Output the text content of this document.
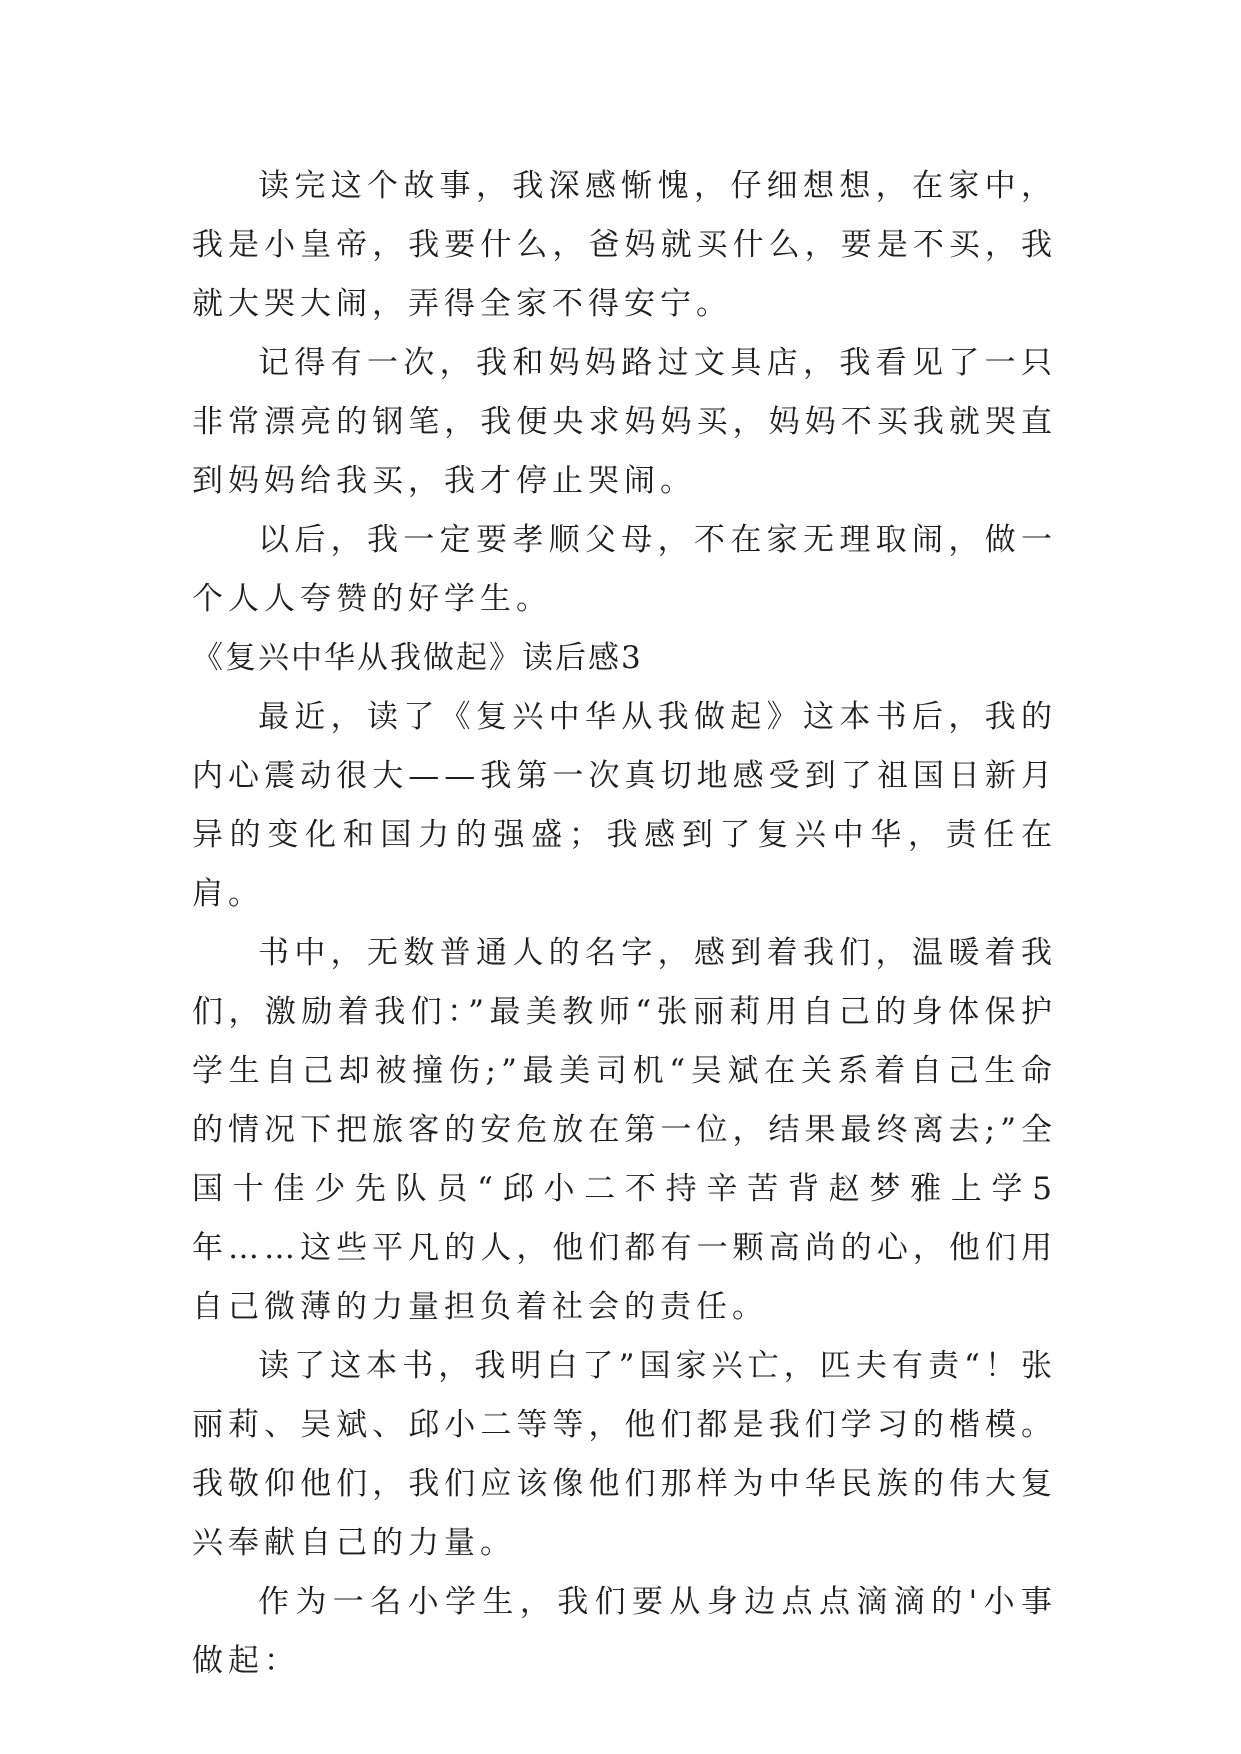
读完这个故事，我深感惭愧，仔细想想，在家中，我是小皇帝，我要什么，爸妈就买什么，要是不买，我就大哭大闹，弄得全家不得安宁。

记得有一次，我和妈妈路过文具店，我看见了一只非常漂亮的钢笔，我便央求妈妈买，妈妈不买我就哭直到妈妈给我买，我才停止哭闹。

以后，我一定要孝顺父母，不在家无理取闹，做一个人人夸赞的好学生。

《复兴中华从我做起》读后感3

最近，读了《复兴中华从我做起》这本书后，我的内心震动很大——我第一次真切地感受到了祖国日新月异的变化和国力的强盛；我感到了复兴中华，责任在肩。

书中，无数普通人的名字，感到着我们，温暖着我们，激励着我们：”最美教师“张丽莉用自己的身体保护学生自己却被撞伤;”最美司机“吴斌在关系着自己生命的情况下把旅客的安危放在第一位，结果最终离去;”全国十佳少先队员“邱小二不持辛苦背赵梦雅上学5年……这些平凡的人，他们都有一颗高尚的心，他们用自己微薄的力量担负着社会的责任。

读了这本书，我明白了”国家兴亡，匹夫有责“！张丽莉、吴斌、邱小二等等，他们都是我们学习的楷模。我敬仰他们，我们应该像他们那样为中华民族的伟大复兴奉献自己的力量。

作为一名小学生，我们要从身边点点滴滴的'小事做起：
